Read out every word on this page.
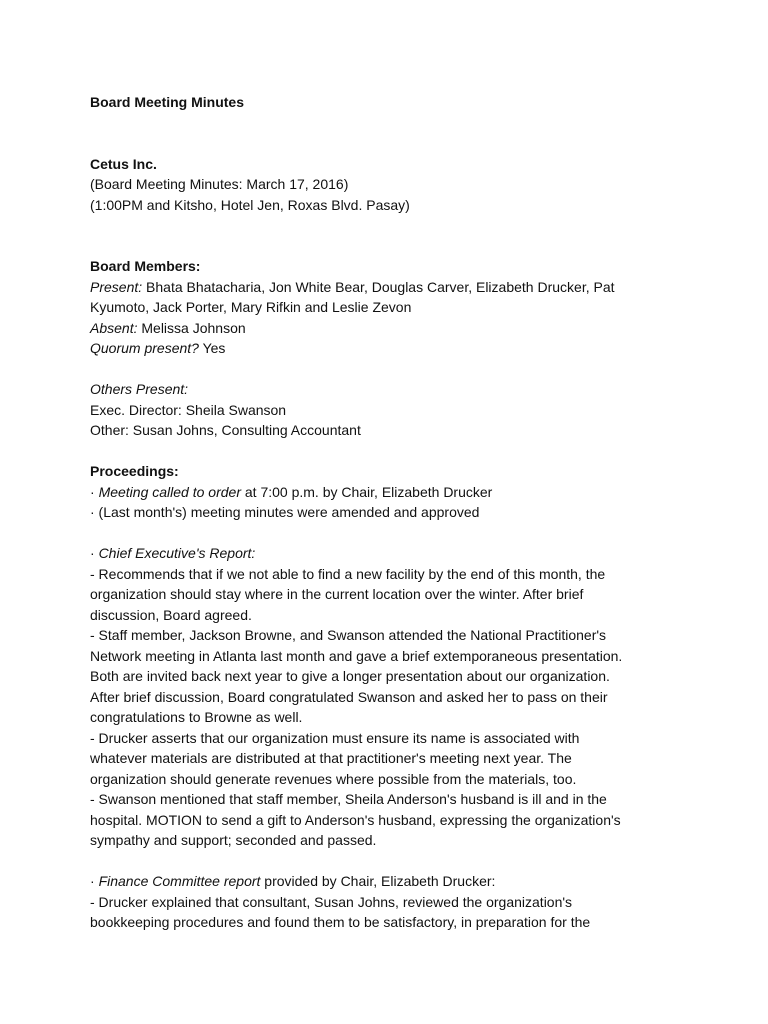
Board Meeting Minutes
Cetus Inc.
(Board Meeting Minutes: March 17, 2016)
(1:00PM and Kitsho, Hotel Jen, Roxas Blvd. Pasay)
Board Members:
Present: Bhata Bhatacharia, Jon White Bear, Douglas Carver, Elizabeth Drucker, Pat
Kyumoto, Jack Porter, Mary Rifkin and Leslie Zevon
Absent: Melissa Johnson
Quorum present? Yes
Others Present:
Exec. Director: Sheila Swanson
Other: Susan Johns, Consulting Accountant
Proceedings:
· Meeting called to order at 7:00 p.m. by Chair, Elizabeth Drucker
· (Last month's) meeting minutes were amended and approved
· Chief Executive's Report:
- Recommends that if we not able to find a new facility by the end of this month, the
organization should stay where in the current location over the winter. After brief
discussion, Board agreed.
- Staff member, Jackson Browne, and Swanson attended the National Practitioner's
Network meeting in Atlanta last month and gave a brief extemporaneous presentation.
Both are invited back next year to give a longer presentation about our organization.
After brief discussion, Board congratulated Swanson and asked her to pass on their
congratulations to Browne as well.
- Drucker asserts that our organization must ensure its name is associated with
whatever materials are distributed at that practitioner's meeting next year. The
organization should generate revenues where possible from the materials, too.
- Swanson mentioned that staff member, Sheila Anderson's husband is ill and in the
hospital. MOTION to send a gift to Anderson's husband, expressing the organization's
sympathy and support; seconded and passed.
· Finance Committee report provided by Chair, Elizabeth Drucker:
- Drucker explained that consultant, Susan Johns, reviewed the organization's
bookkeeping procedures and found them to be satisfactory, in preparation for the
